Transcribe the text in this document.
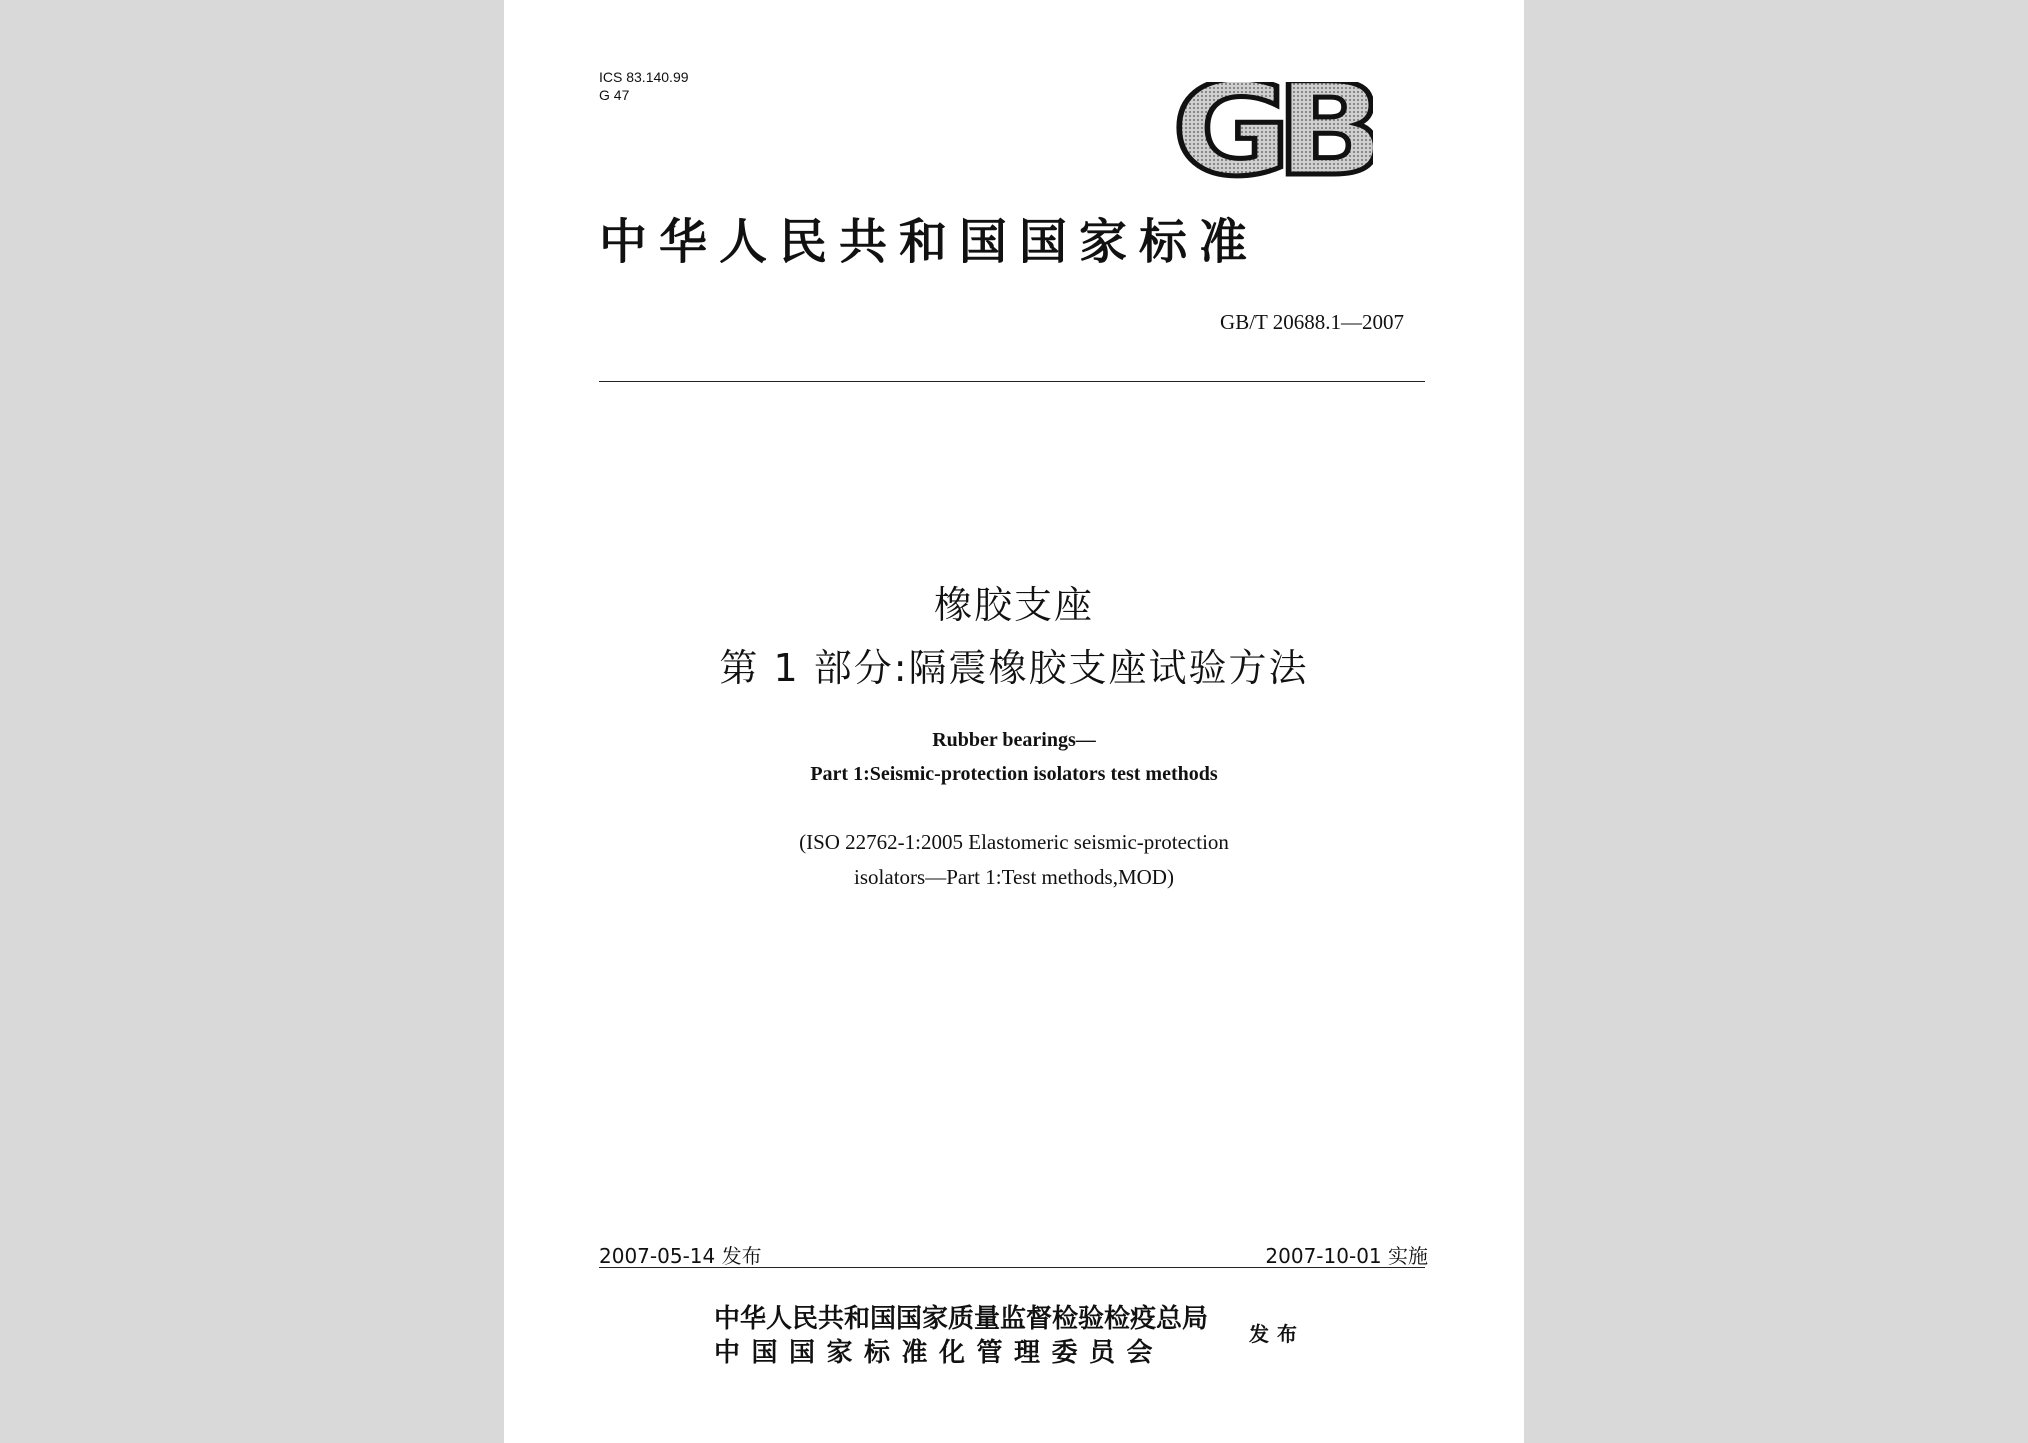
ICS 83.140.99
G 47	GB
中华人民共和国国家标准
GB/T 20688.1—2007
橡胶支座
第 1 部分:隔震橡胶支座试验方法
Rubber bearings—
Part 1:Seismic-protection isolators test methods
(ISO 22762-1:2005 Elastomeric seismic-protection
isolators—Part 1:Test methods,MOD)
2007-05-14 发布	2007-10-01 实施
中华人民共和国国家质量监督检验检疫总局
中国国家标准化管理委员会
发布
